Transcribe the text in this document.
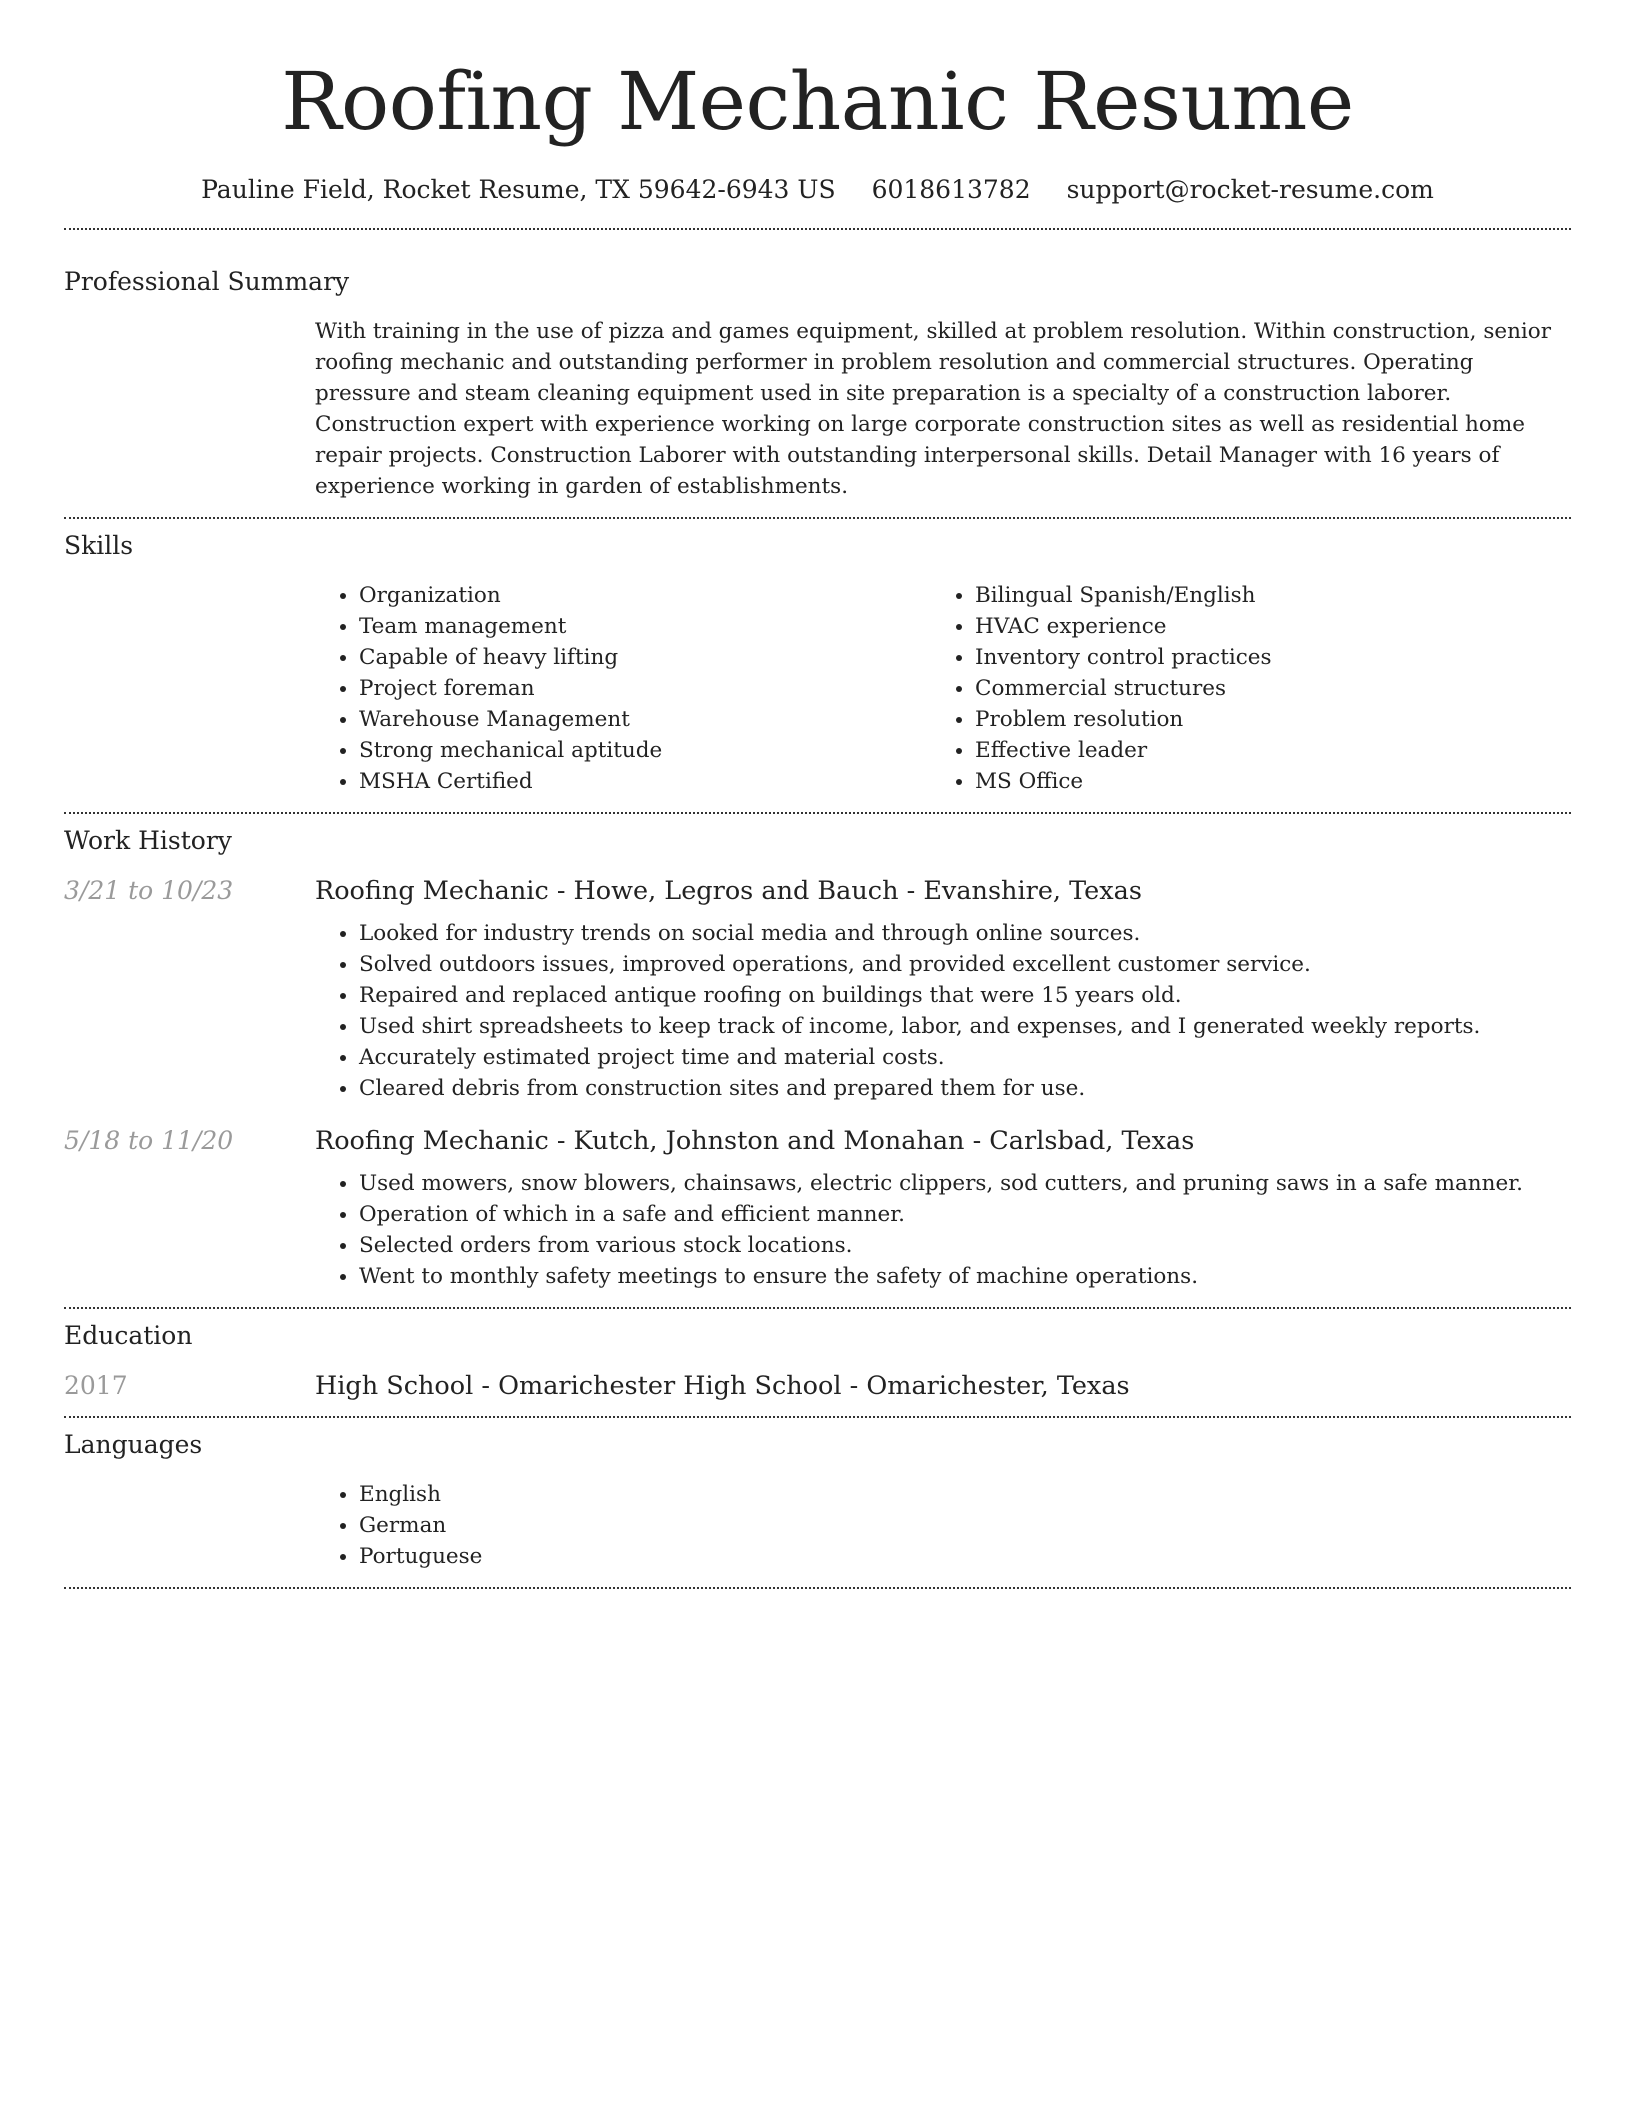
Roofing Mechanic Resume
Pauline Field, Rocket Resume, TX 59642-6943 US 6018613782 support@rocket-resume.com
Professional Summary

With training in the use of pizza and games equipment, skilled at problem resolution. Within construction, senior roofing mechanic and outstanding performer in problem resolution and commercial structures. Operating pressure and steam cleaning equipment used in site preparation is a specialty of a construction laborer. Construction expert with experience working on large corporate construction sites as well as residential home repair projects. Construction Laborer with outstanding interpersonal skills. Detail Manager with 16 years of experience working in garden of establishments.

Skills
• Organization
• Team management
• Capable of heavy lifting
• Project foreman
• Warehouse Management
• Strong mechanical aptitude
• MSHA Certified
• Bilingual Spanish/English
• HVAC experience
• Inventory control practices
• Commercial structures
• Problem resolution
• Effective leader
• MS Office
Work History
3/21 to 10/23	Roofing Mechanic - Howe, Legros and Bauch - Evanshire, Texas
• Looked for industry trends on social media and through online sources.
• Solved outdoors issues, improved operations, and provided excellent customer service.
• Repaired and replaced antique roofing on buildings that were 15 years old.
• Used shirt spreadsheets to keep track of income, labor, and expenses, and I generated weekly reports.
• Accurately estimated project time and material costs.
• Cleared debris from construction sites and prepared them for use.
5/18 to 11/20	Roofing Mechanic - Kutch, Johnston and Monahan - Carlsbad, Texas
• Used mowers, snow blowers, chainsaws, electric clippers, sod cutters, and pruning saws in a safe manner.
• Operation of which in a safe and efficient manner.
• Selected orders from various stock locations.
• Went to monthly safety meetings to ensure the safety of machine operations.
Education
2017	High School - Omarichester High School - Omarichester, Texas
Languages
• English
• German
• Portuguese
